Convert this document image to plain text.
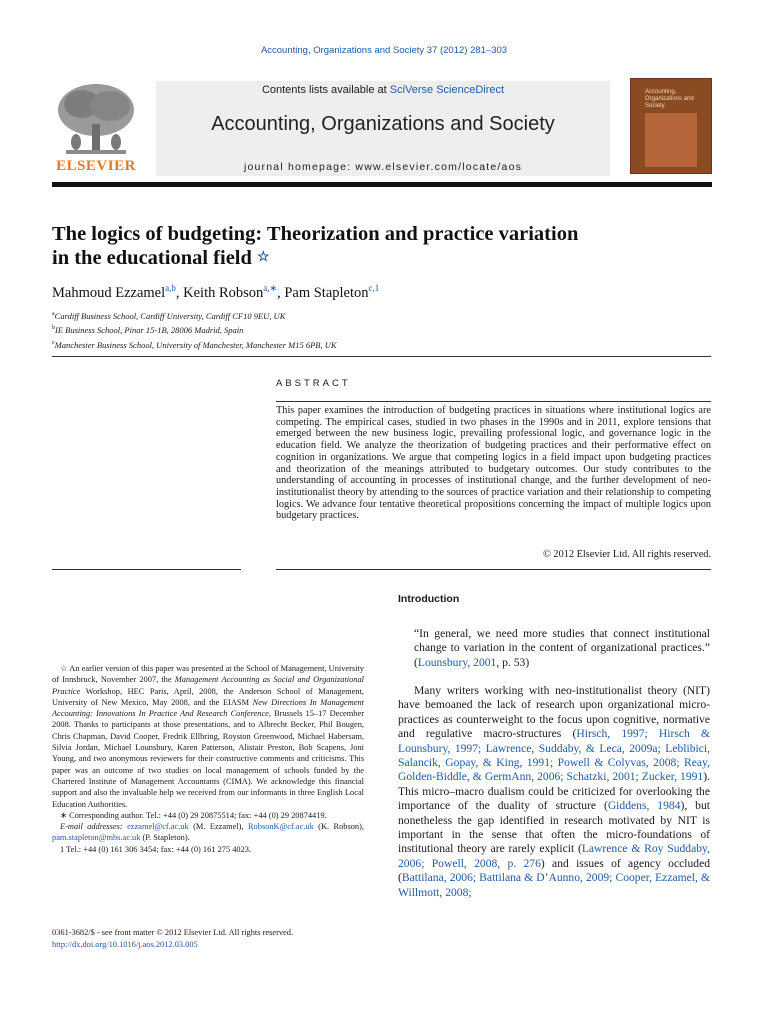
Accounting, Organizations and Society 37 (2012) 281–303
ELSEVIER
Contents lists available at SciVerse ScienceDirect
Accounting, Organizations and Society
journal homepage: www.elsevier.com/locate/aos
Accounting, Organizations and Society
The logics of budgeting: Theorization and practice variation
in the educational field ☆
Mahmoud Ezzamel$^{a,b}$, Keith Robson$^{a,∗}$, Pam Stapleton$^{c,1}$
$^a$Cardiff Business School, Cardiff University, Cardiff CF10 9EU, UK
$^b$IE Business School, Pinar 15-1B, 28006 Madrid, Spain
$^c$Manchester Business School, University of Manchester, Manchester M15 6PB, UK
ABSTRACT

This paper examines the introduction of budgeting practices in situations where institutional logics are competing. The empirical cases, studied in two phases in the 1990s and in 2011, explore tensions that emerged between the new business logic, prevailing professional logic, and governance logic in the education field. We analyze the theorization of budgeting practices and their performative effect on cognition in organizations. We argue that competing logics in a field impact upon budgeting practices and theorization of the meanings attributed to budgetary outcomes. Our study contributes to the understanding of accounting in processes of institutional change, and the further development of neo-institutionalist theory by attending to the sources of practice variation and their relationship to competing logics. We advance four tentative theoretical propositions concerning the impact of multiple logics upon budgetary practices.

© 2012 Elsevier Ltd. All rights reserved.
Introduction

“In general, we need more studies that connect institutional change to variation in the content of organizational practices.” (Lounsbury, 2001, p. 53)

Many writers working with neo-institutionalist theory (NIT) have bemoaned the lack of research upon organizational micro-practices as counterweight to the focus upon cognitive, normative and regulative macro-structures (Hirsch, 1997; Hirsch & Lounsbury, 1997; Lawrence, Suddaby, & Leca, 2009a; Leblibici, Salancik, Gopay, & King, 1991; Powell & Colyvas, 2008; Reay, Golden-Biddle, & GermAnn, 2006; Schatzki, 2001; Zucker, 1991). This micro–macro dualism could be criticized for overlooking the importance of the duality of structure (Giddens, 1984), but nonetheless the gap identified in research motivated by NIT is important in the sense that often the micro-foundations of institutional theory are rarely explicit (Lawrence & Roy Suddaby, 2006; Powell, 2008, p. 276) and issues of agency occluded (Battilana, 2006; Battilana & D’Aunno, 2009; Cooper, Ezzamel, & Willmott, 2008;

☆ An earlier version of this paper was presented at the School of Management, University of Innsbruck, November 2007, the Management Accounting as Social and Organizational Practice Workshop, HEC Paris, April, 2008, the Anderson School of Management, University of New Mexico, May 2008, and the EIASM New Directions In Management Accounting: Innovations In Practice And Research Conference, Brussels 15–17 December 2008. Thanks to participants at those presentations, and to Albrecht Becker, Phil Bougen, Chris Chapman, David Cooper, Fredrik Ellbring, Royston Greenwood, Michael Habersam, Silvia Jordan, Michael Lounsbury, Karen Patterson, Alistair Preston, Bob Scapens, Joni Young, and two anonymous reviewers for their constructive comments and criticisms. This paper was an outcome of two studies on local management of schools funded by the Chartered Institute of Management Accountants (CIMA). We acknowledge this financial support and also the invaluable help we received from our informants in three English Local Education Authorities.

∗ Corresponding author. Tel.: +44 (0) 29 20875514; fax: +44 (0) 29 20874419.

E-mail addresses: ezzamel@cf.ac.uk (M. Ezzamel), RobsonK@cf.ac.uk (K. Robson), pam.stapleton@mbs.ac.uk (P. Stapleton).

1 Tel.: +44 (0) 161 306 3454; fax: +44 (0) 161 275 4023.

0361-3682/$ - see front matter © 2012 Elsevier Ltd. All rights reserved.
http://dx.doi.org/10.1016/j.aos.2012.03.005
